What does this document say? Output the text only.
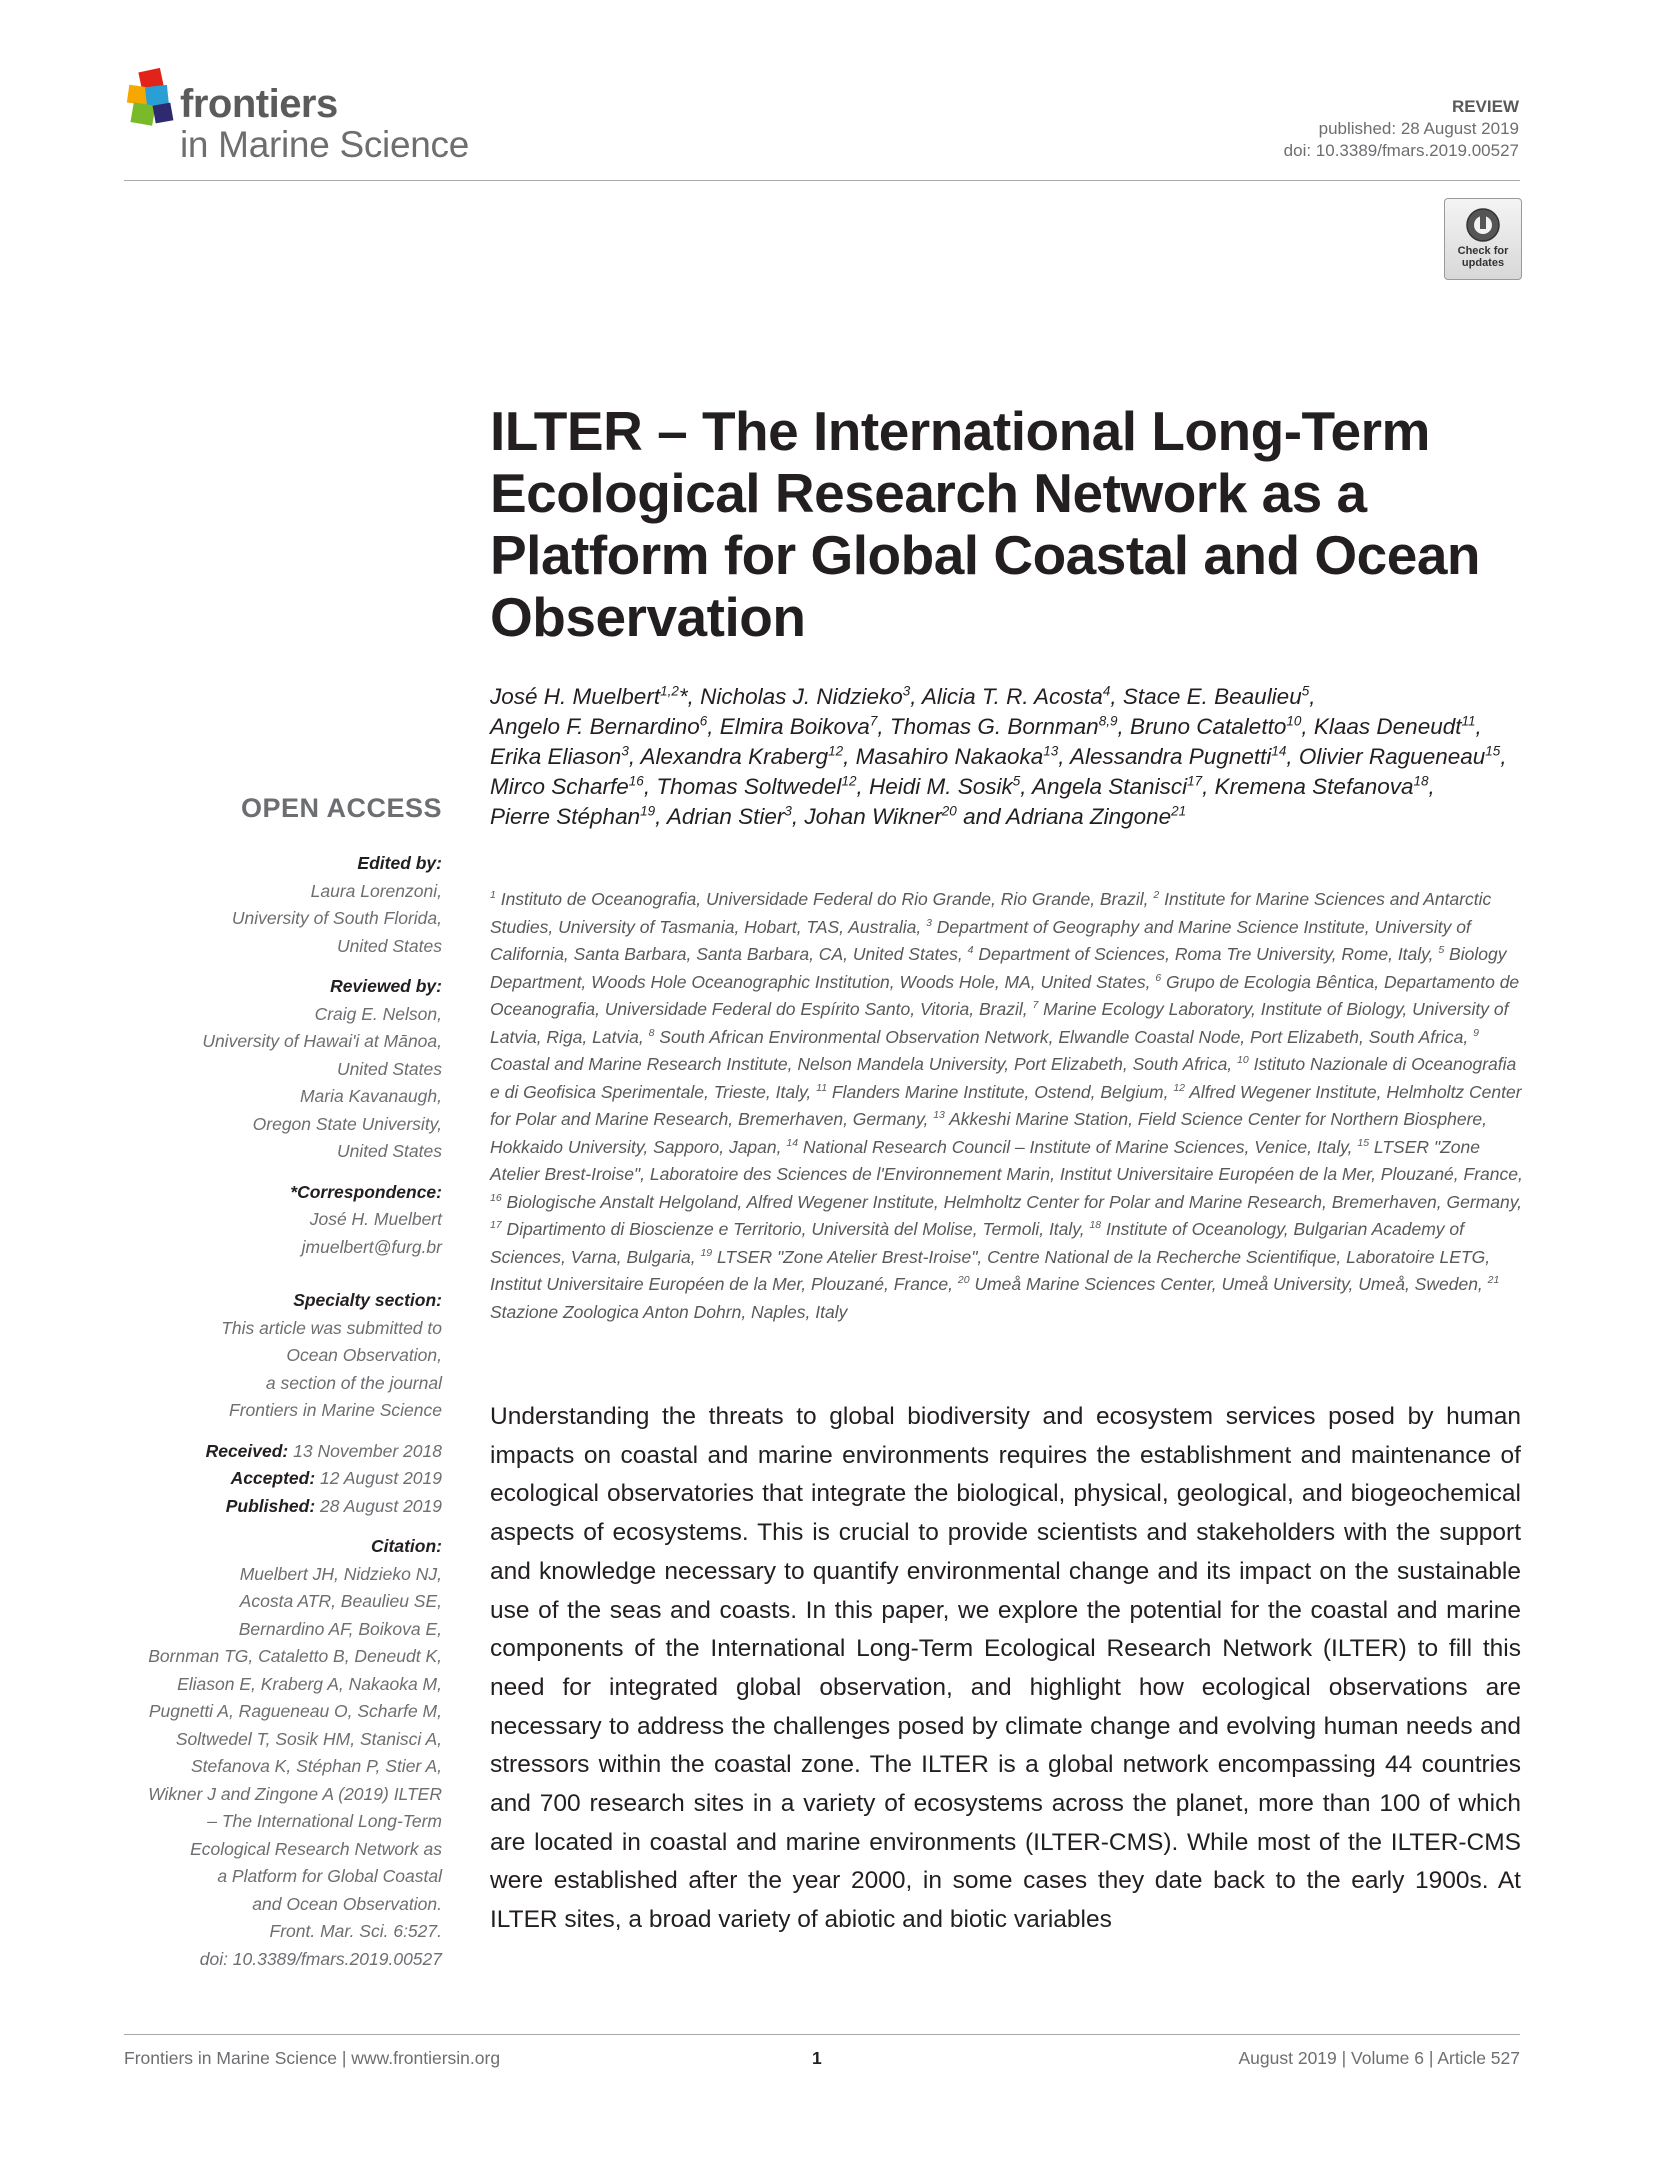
frontiers
in Marine Science
REVIEW
published: 28 August 2019
doi: 10.3389/fmars.2019.00527
Check for updates
ILTER – The International Long-Term Ecological Research Network as a Platform for Global Coastal and Ocean Observation
José H. Muelbert$^{1,2}$*, Nicholas J. Nidzieko$^3$, Alicia T. R. Acosta$^4$, Stace E. Beaulieu$^5$, Angelo F. Bernardino$^6$, Elmira Boikova$^7$, Thomas G. Bornman$^{8,9}$, Bruno Cataletto$^{10}$, Klaas Deneudt$^{11}$, Erika Eliason$^3$, Alexandra Kraberg$^{12}$, Masahiro Nakaoka$^{13}$, Alessandra Pugnetti$^{14}$, Olivier Ragueneau$^{15}$, Mirco Scharfe$^{16}$, Thomas Soltwedel$^{12}$, Heidi M. Sosik$^5$, Angela Stanisci$^{17}$, Kremena Stefanova$^{18}$, Pierre Stéphan$^{19}$, Adrian Stier$^3$, Johan Wikner$^{20}$ and Adriana Zingone$^{21}$
$^1$ Instituto de Oceanografia, Universidade Federal do Rio Grande, Rio Grande, Brazil, $^2$ Institute for Marine Sciences and Antarctic Studies, University of Tasmania, Hobart, TAS, Australia, $^3$ Department of Geography and Marine Science Institute, University of California, Santa Barbara, Santa Barbara, CA, United States, $^4$ Department of Sciences, Roma Tre University, Rome, Italy, $^5$ Biology Department, Woods Hole Oceanographic Institution, Woods Hole, MA, United States, $^6$ Grupo de Ecologia Bêntica, Departamento de Oceanografia, Universidade Federal do Espírito Santo, Vitoria, Brazil, $^7$ Marine Ecology Laboratory, Institute of Biology, University of Latvia, Riga, Latvia, $^8$ South African Environmental Observation Network, Elwandle Coastal Node, Port Elizabeth, South Africa, $^9$ Coastal and Marine Research Institute, Nelson Mandela University, Port Elizabeth, South Africa, $^{10}$ Istituto Nazionale di Oceanografia e di Geofisica Sperimentale, Trieste, Italy, $^{11}$ Flanders Marine Institute, Ostend, Belgium, $^{12}$ Alfred Wegener Institute, Helmholtz Center for Polar and Marine Research, Bremerhaven, Germany, $^{13}$ Akkeshi Marine Station, Field Science Center for Northern Biosphere, Hokkaido University, Sapporo, Japan, $^{14}$ National Research Council – Institute of Marine Sciences, Venice, Italy, $^{15}$ LTSER "Zone Atelier Brest-Iroise", Laboratoire des Sciences de l'Environnement Marin, Institut Universitaire Européen de la Mer, Plouzané, France, $^{16}$ Biologische Anstalt Helgoland, Alfred Wegener Institute, Helmholtz Center for Polar and Marine Research, Bremerhaven, Germany, $^{17}$ Dipartimento di Bioscienze e Territorio, Università del Molise, Termoli, Italy, $^{18}$ Institute of Oceanology, Bulgarian Academy of Sciences, Varna, Bulgaria, $^{19}$ LTSER "Zone Atelier Brest-Iroise", Centre National de la Recherche Scientifique, Laboratoire LETG, Institut Universitaire Européen de la Mer, Plouzané, France, $^{20}$ Umeå Marine Sciences Center, Umeå University, Umeå, Sweden, $^{21}$ Stazione Zoologica Anton Dohrn, Naples, Italy
OPEN ACCESS
Edited by:
Laura Lorenzoni,
University of South Florida,
United States
Reviewed by:
Craig E. Nelson,
University of Hawai'i at Mānoa,
United States
Maria Kavanaugh,
Oregon State University,
United States
*Correspondence:
José H. Muelbert
jmuelbert@furg.br
Specialty section:
This article was submitted to
Ocean Observation,
a section of the journal
Frontiers in Marine Science
Received: 13 November 2018
Accepted: 12 August 2019
Published: 28 August 2019
Citation:
Muelbert JH, Nidzieko NJ,
Acosta ATR, Beaulieu SE,
Bernardino AF, Boikova E,
Bornman TG, Cataletto B, Deneudt K,
Eliason E, Kraberg A, Nakaoka M,
Pugnetti A, Ragueneau O, Scharfe M,
Soltwedel T, Sosik HM, Stanisci A,
Stefanova K, Stéphan P, Stier A,
Wikner J and Zingone A (2019) ILTER
– The International Long-Term
Ecological Research Network as
a Platform for Global Coastal
and Ocean Observation.
Front. Mar. Sci. 6:527.
doi: 10.3389/fmars.2019.00527

Understanding the threats to global biodiversity and ecosystem services posed by human impacts on coastal and marine environments requires the establishment and maintenance of ecological observatories that integrate the biological, physical, geological, and biogeochemical aspects of ecosystems. This is crucial to provide scientists and stakeholders with the support and knowledge necessary to quantify environmental change and its impact on the sustainable use of the seas and coasts. In this paper, we explore the potential for the coastal and marine components of the International Long-Term Ecological Research Network (ILTER) to fill this need for integrated global observation, and highlight how ecological observations are necessary to address the challenges posed by climate change and evolving human needs and stressors within the coastal zone. The ILTER is a global network encompassing 44 countries and 700 research sites in a variety of ecosystems across the planet, more than 100 of which are located in coastal and marine environments (ILTER-CMS). While most of the ILTER-CMS were established after the year 2000, in some cases they date back to the early 1900s. At ILTER sites, a broad variety of abiotic and biotic variables

Frontiers in Marine Science | www.frontiersin.org	1	August 2019 | Volume 6 | Article 527
